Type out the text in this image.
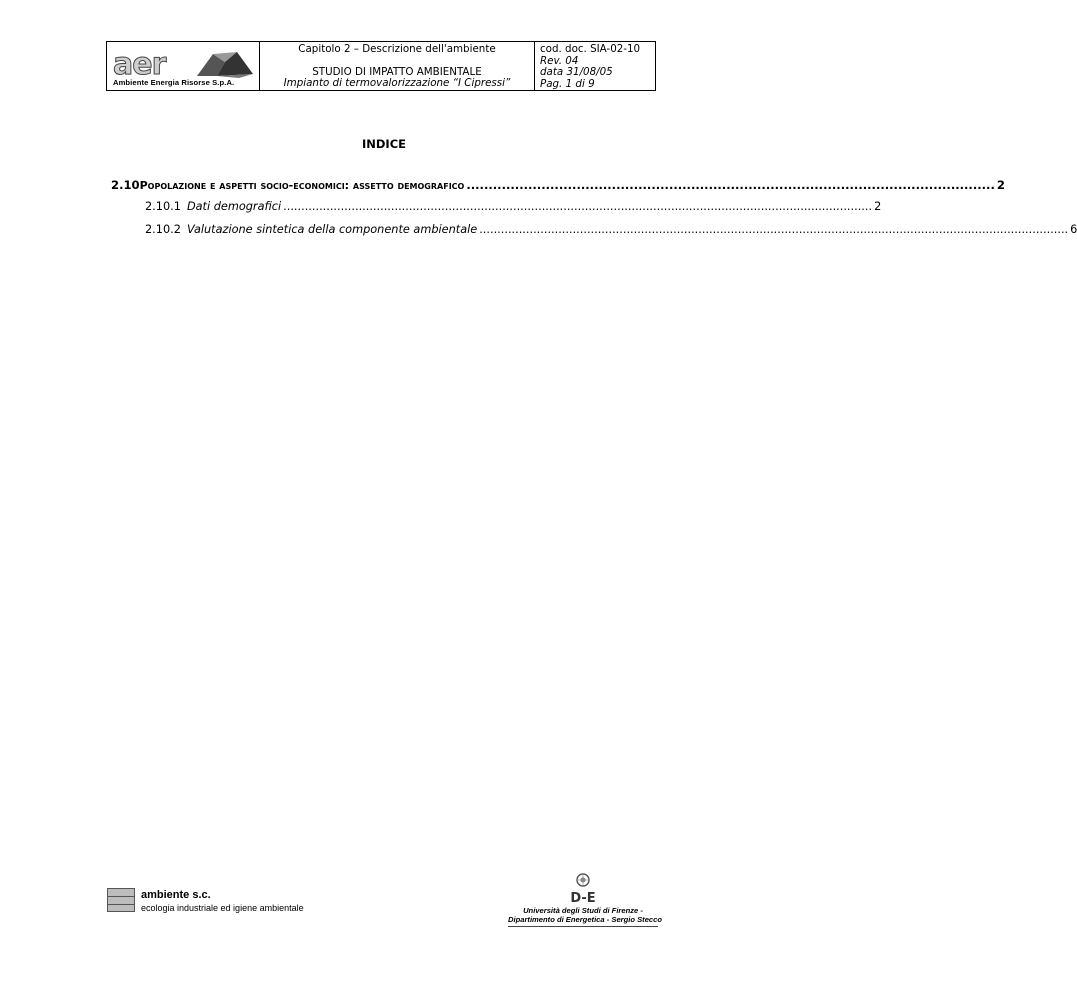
aer
Ambiente Energia Risorse S.p.A.
Capitolo 2 – Descrizione dell'ambiente
STUDIO DI IMPATTO AMBIENTALE
Impianto di termovalorizzazione “I Cipressi”
cod. doc. SIA-02-10
Rev. 04
data 31/08/05
Pag. 1 di 9
INDICE
2.10 Popolazione e aspetti socio-economici: assetto demografico ........................................................................................................................ 2
2.10.1 Dati demografici .................................................................................................................................................................... 2
2.10.2 Valutazione sintetica della componente ambientale .................................................................................................................................................................... 6
ambiente s.c.
ecologia industriale ed igiene ambientale
D-E
Università degli Studi di Firenze -
Dipartimento di Energetica - Sergio Stecco
